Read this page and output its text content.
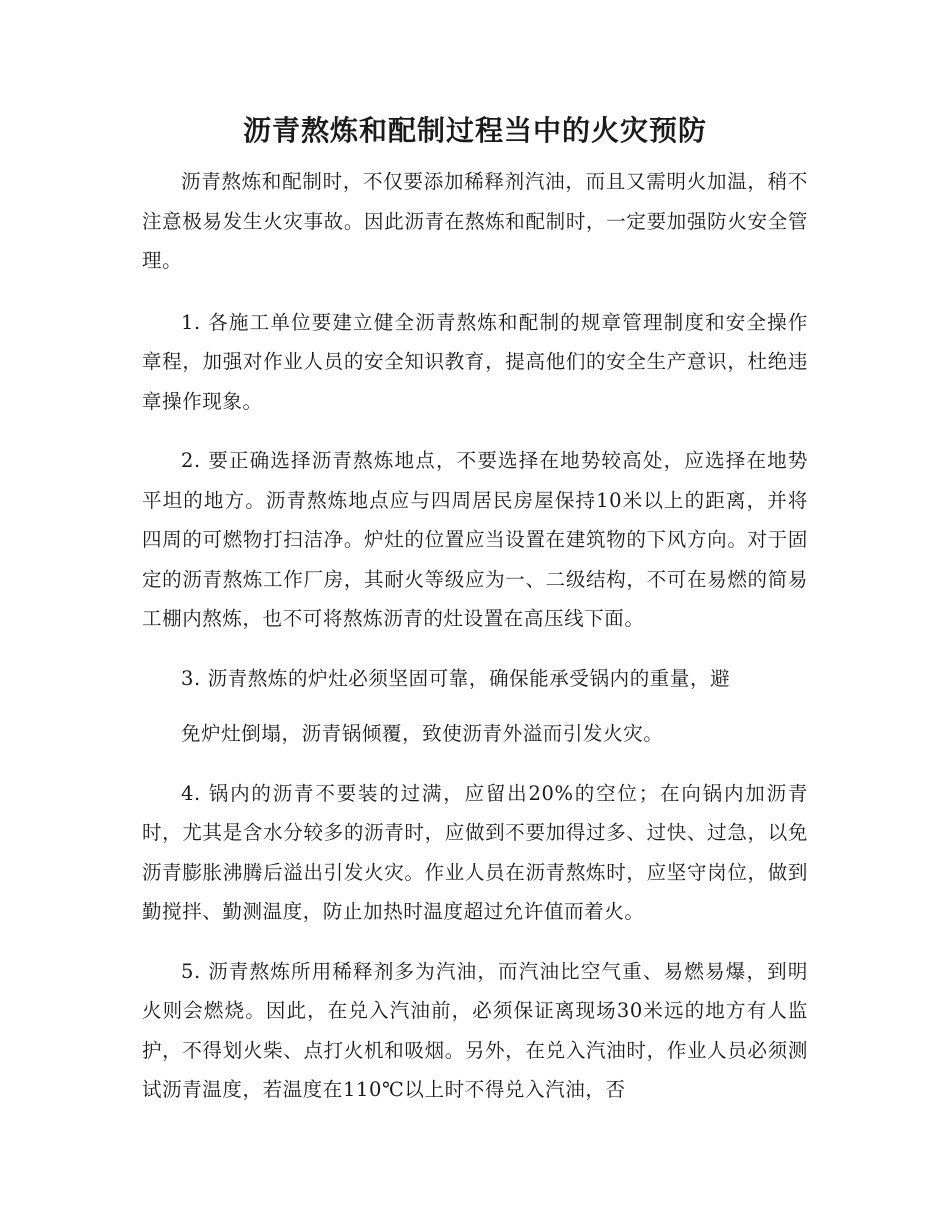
沥青熬炼和配制过程当中的火灾预防

沥青熬炼和配制时，不仅要添加稀释剂汽油，而且又需明火加温，稍不注意极易发生火灾事故。因此沥青在熬炼和配制时，一定要加强防火安全管理。

1. 各施工单位要建立健全沥青熬炼和配制的规章管理制度和安全操作章程，加强对作业人员的安全知识教育，提高他们的安全生产意识，杜绝违章操作现象。

2. 要正确选择沥青熬炼地点，不要选择在地势较高处，应选择在地势平坦的地方。沥青熬炼地点应与四周居民房屋保持10米以上的距离，并将四周的可燃物打扫洁净。炉灶的位置应当设置在建筑物的下风方向。对于固定的沥青熬炼工作厂房，其耐火等级应为一、二级结构，不可在易燃的简易工棚内熬炼，也不可将熬炼沥青的灶设置在高压线下面。

3. 沥青熬炼的炉灶必须坚固可靠，确保能承受锅内的重量，避

免炉灶倒塌，沥青锅倾覆，致使沥青外溢而引发火灾。

4. 锅内的沥青不要装的过满，应留出20%的空位；在向锅内加沥青时，尤其是含水分较多的沥青时，应做到不要加得过多、过快、过急，以免沥青膨胀沸腾后溢出引发火灾。作业人员在沥青熬炼时，应坚守岗位，做到勤搅拌、勤测温度，防止加热时温度超过允许值而着火。

5. 沥青熬炼所用稀释剂多为汽油，而汽油比空气重、易燃易爆，到明火则会燃烧。因此，在兑入汽油前，必须保证离现场30米远的地方有人监护，不得划火柴、点打火机和吸烟。另外，在兑入汽油时，作业人员必须测试沥青温度，若温度在110℃以上时不得兑入汽油，否
